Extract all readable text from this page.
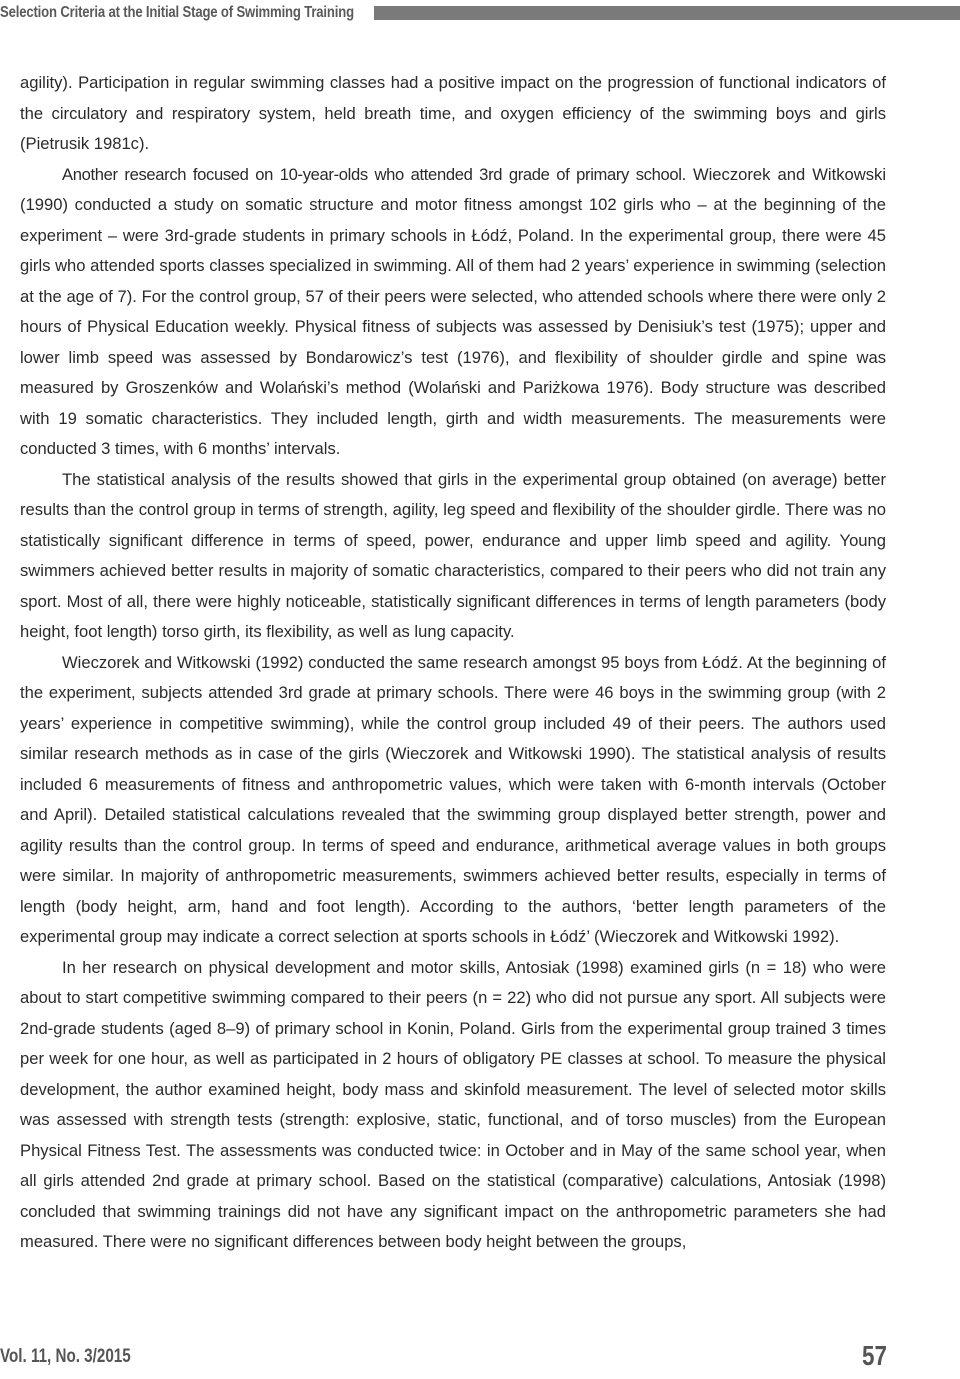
Selection Criteria at the Initial Stage of Swimming Training

agility). Participation in regular swimming classes had a positive impact on the progression of functional indicators of the circulatory and respiratory system, held breath time, and oxygen efficiency of the swimming boys and girls (Pietrusik 1981c).

Another research focused on 10-year-olds who attended 3rd grade of primary school. Wieczorek and Witkowski (1990) conducted a study on somatic structure and motor fitness amongst 102 girls who – at the beginning of the experiment – were 3rd-grade students in primary schools in Łódź, Poland. In the experimental group, there were 45 girls who attended sports classes specialized in swimming. All of them had 2 years’ experience in swimming (selection at the age of 7). For the control group, 57 of their peers were selected, who attended schools where there were only 2 hours of Physical Education weekly. Physical fitness of subjects was assessed by Denisiuk’s test (1975); upper and lower limb speed was assessed by Bondarowicz’s test (1976), and flexibility of shoulder girdle and spine was measured by Groszenków and Wolański’s method (Wolański and Pariżkowa 1976). Body structure was described with 19 somatic characteristics. They included length, girth and width measurements. The measurements were conducted 3 times, with 6 months’ intervals.

The statistical analysis of the results showed that girls in the experimental group obtained (on average) better results than the control group in terms of strength, agility, leg speed and flexibility of the shoulder girdle. There was no statistically significant difference in terms of speed, power, endurance and upper limb speed and agility. Young swimmers achieved better results in majority of somatic characteristics, compared to their peers who did not train any sport. Most of all, there were highly noticeable, statistically significant differences in terms of length parameters (body height, foot length) torso girth, its flexibility, as well as lung capacity.

Wieczorek and Witkowski (1992) conducted the same research amongst 95 boys from Łódź. At the beginning of the experiment, subjects attended 3rd grade at primary schools. There were 46 boys in the swimming group (with 2 years’ experience in competitive swimming), while the control group included 49 of their peers. The authors used similar research methods as in case of the girls (Wieczorek and Witkowski 1990). The statistical analysis of results included 6 measurements of fitness and anthropometric values, which were taken with 6-month intervals (October and April). Detailed statistical calculations revealed that the swimming group displayed better strength, power and agility results than the control group. In terms of speed and endurance, arithmetical average values in both groups were similar. In majority of anthropometric measurements, swimmers achieved better results, especially in terms of length (body height, arm, hand and foot length). According to the authors, ‘better length parameters of the experimental group may indicate a correct selection at sports schools in Łódź’ (Wieczorek and Witkowski 1992).

In her research on physical development and motor skills, Antosiak (1998) examined girls (n = 18) who were about to start competitive swimming compared to their peers (n = 22) who did not pursue any sport. All subjects were 2nd-grade students (aged 8–9) of primary school in Konin, Poland. Girls from the experimental group trained 3 times per week for one hour, as well as participated in 2 hours of obligatory PE classes at school. To measure the physical development, the author examined height, body mass and skinfold measurement. The level of selected motor skills was assessed with strength tests (strength: explosive, static, functional, and of torso muscles) from the European Physical Fitness Test. The assessments was conducted twice: in October and in May of the same school year, when all girls attended 2nd grade at primary school. Based on the statistical (comparative) calculations, Antosiak (1998) concluded that swimming trainings did not have any significant impact on the anthropometric parameters she had measured. There were no significant differences between body height between the groups,

Vol. 11, No. 3/2015	57
